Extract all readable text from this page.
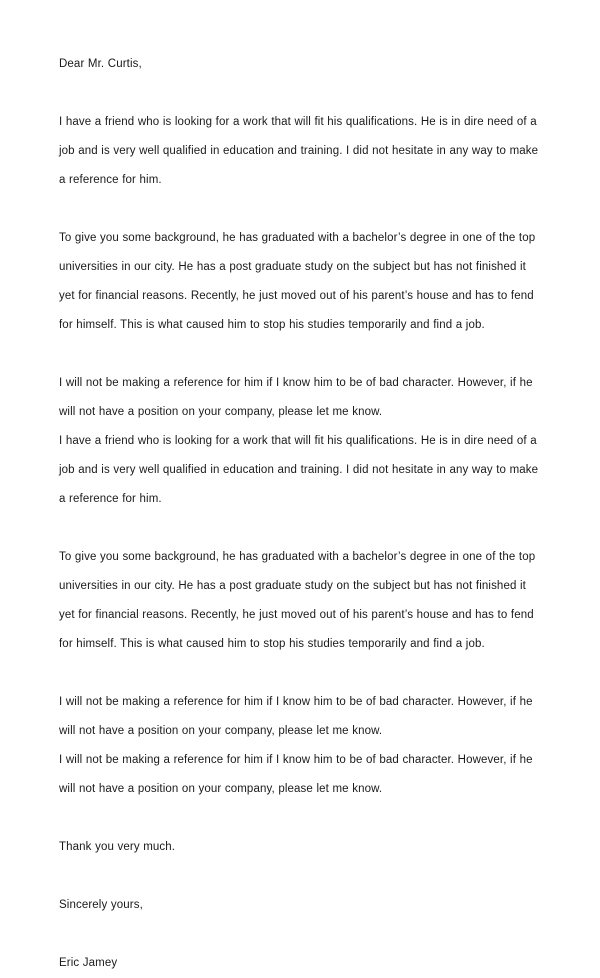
Dear Mr. Curtis,

I have a friend who is looking for a work that will fit his qualifications. He is in dire need of a job and is very well qualified in education and training. I did not hesitate in any way to make a reference for him.

To give you some background, he has graduated with a bachelor’s degree in one of the top universities in our city. He has a post graduate study on the subject but has not finished it yet for financial reasons. Recently, he just moved out of his parent’s house and has to fend for himself. This is what caused him to stop his studies temporarily and find a job.

I will not be making a reference for him if I know him to be of bad character. However, if he will not have a position on your company, please let me know.

I have a friend who is looking for a work that will fit his qualifications. He is in dire need of a job and is very well qualified in education and training. I did not hesitate in any way to make a reference for him.

To give you some background, he has graduated with a bachelor’s degree in one of the top universities in our city. He has a post graduate study on the subject but has not finished it yet for financial reasons. Recently, he just moved out of his parent’s house and has to fend for himself. This is what caused him to stop his studies temporarily and find a job.

I will not be making a reference for him if I know him to be of bad character. However, if he will not have a position on your company, please let me know.

I will not be making a reference for him if I know him to be of bad character. However, if he will not have a position on your company, please let me know.

Thank you very much.

Sincerely yours,

Eric Jamey
